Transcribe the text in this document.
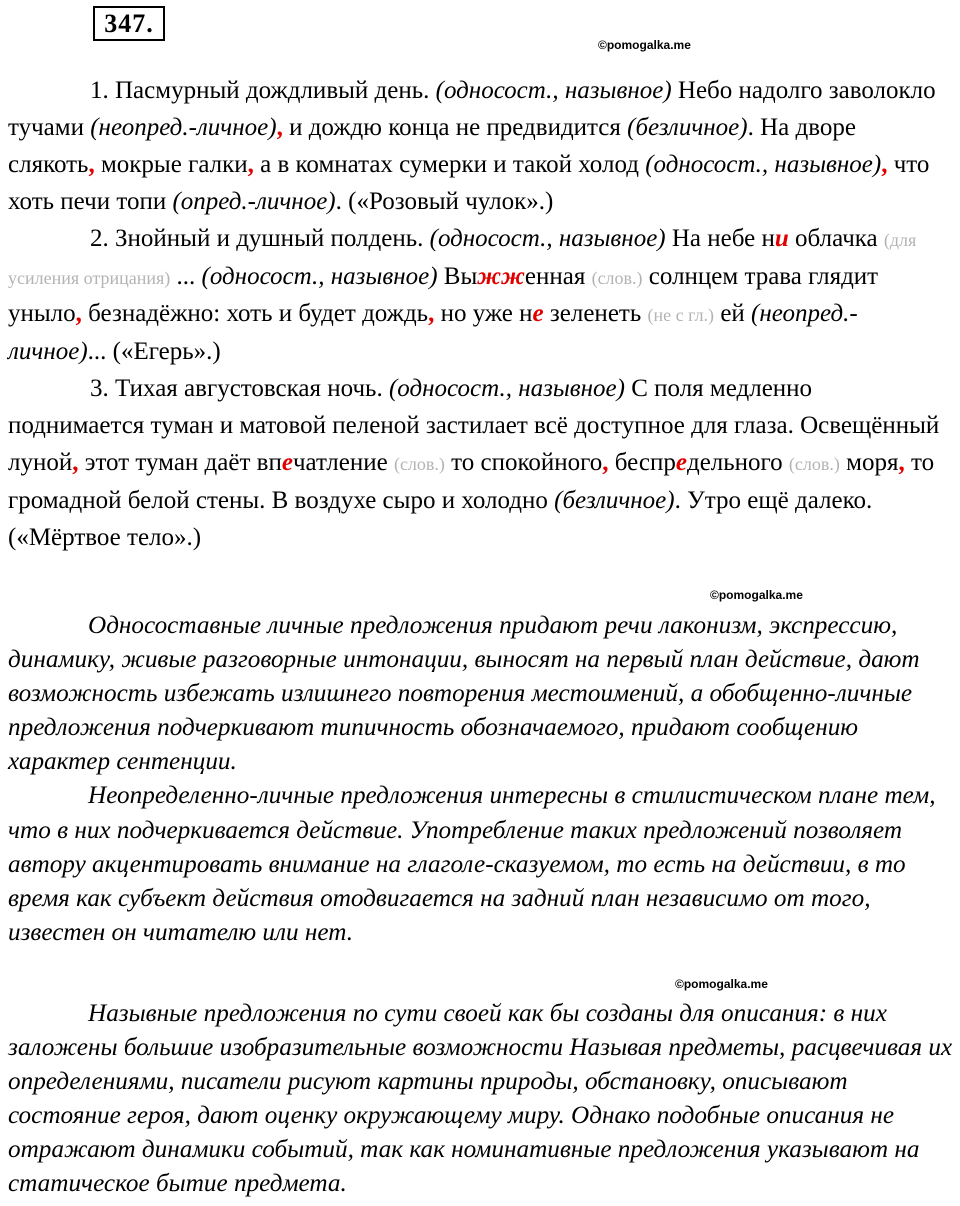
347.
©pomogalka.me

1. Пасмурный дождливый день. (односост., назывное) Небо надолго заволокло тучами (неопред.-личное), и дождю конца не предвидится (безличное). На дворе слякоть, мокрые галки, а в комнатах сумерки и такой холод (односост., назывное), что хоть печи топи (опред.-личное). («Розовый чулок».)

2. Знойный и душный полдень. (односост., назывное) На небе ни облачка (для усиления отрицания) ... (односост., назывное) Выжженная (слов.) солнцем трава глядит уныло, безнадёжно: хоть и будет дождь, но уже не зеленеть (не с гл.) ей (неопред.- личное)... («Егерь».)

3. Тихая августовская ночь. (односост., назывное) С поля медленно поднимается туман и матовой пеленой застилает всё доступное для глаза. Освещённый луной, этот туман даёт впечатление (слов.) то спокойного, беспредельного (слов.) моря, то громадной белой стены. В воздухе сыро и холодно (безличное). Утро ещё далеко. («Мёртвое тело».)

©pomogalka.me

Односоставные личные предложения придают речи лаконизм, экспрессию, динамику, живые разговорные интонации, выносят на первый план действие, дают возможность избежать излишнего повторения местоимений, а обобщенно-личные предложения подчеркивают типичность обозначаемого, придают сообщению характер сентенции.

Неопределенно-личные предложения интересны в стилистическом плане тем, что в них подчеркивается действие. Употребление таких предложений позволяет автору акцентировать внимание на глаголе-сказуемом, то есть на действии, в то время как субъект действия отодвигается на задний план независимо от того, известен он читателю или нет.

©pomogalka.me

Назывные предложения по сути своей как бы созданы для описания: в них заложены большие изобразительные возможности Называя предметы, расцвечивая их определениями, писатели рисуют картины природы, обстановку, описывают состояние героя, дают оценку окружающему миру. Однако подобные описания не отражают динамики событий, так как номинативные предложения указывают на статическое бытие предмета.
